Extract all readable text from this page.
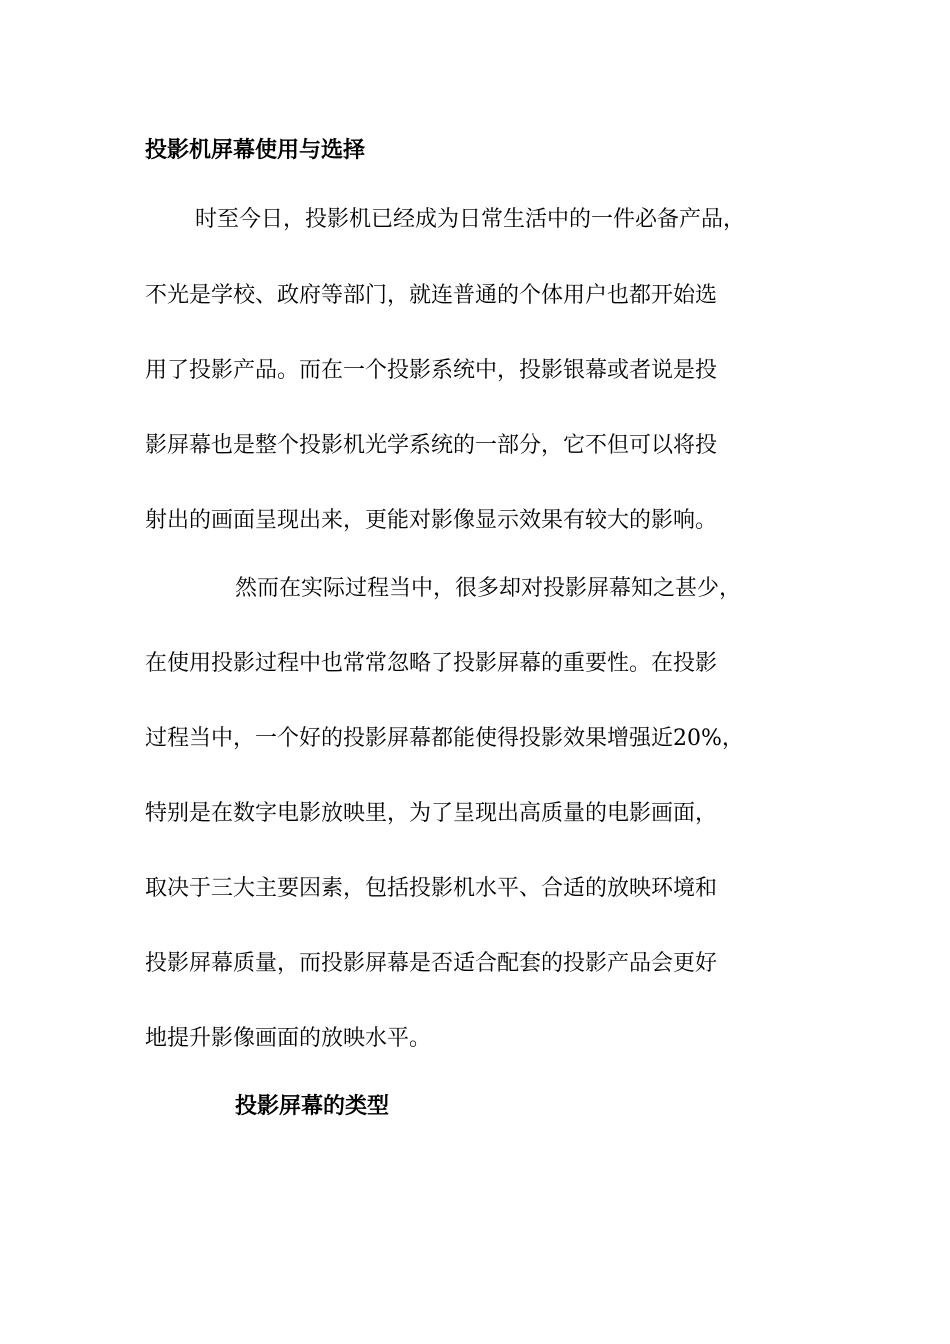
投影机屏幕使用与选择
时至今日，投影机已经成为日常生活中的一件必备产品，
不光是学校、政府等部门，就连普通的个体用户也都开始选
用了投影产品。而在一个投影系统中，投影银幕或者说是投
影屏幕也是整个投影机光学系统的一部分，它不但可以将投
射出的画面呈现出来，更能对影像显示效果有较大的影响。
然而在实际过程当中，很多却对投影屏幕知之甚少，
在使用投影过程中也常常忽略了投影屏幕的重要性。在投影
过程当中，一个好的投影屏幕都能使得投影效果增强近20%，
特别是在数字电影放映里，为了呈现出高质量的电影画面，
取决于三大主要因素，包括投影机水平、合适的放映环境和
投影屏幕质量，而投影屏幕是否适合配套的投影产品会更好
地提升影像画面的放映水平。
投影屏幕的类型
